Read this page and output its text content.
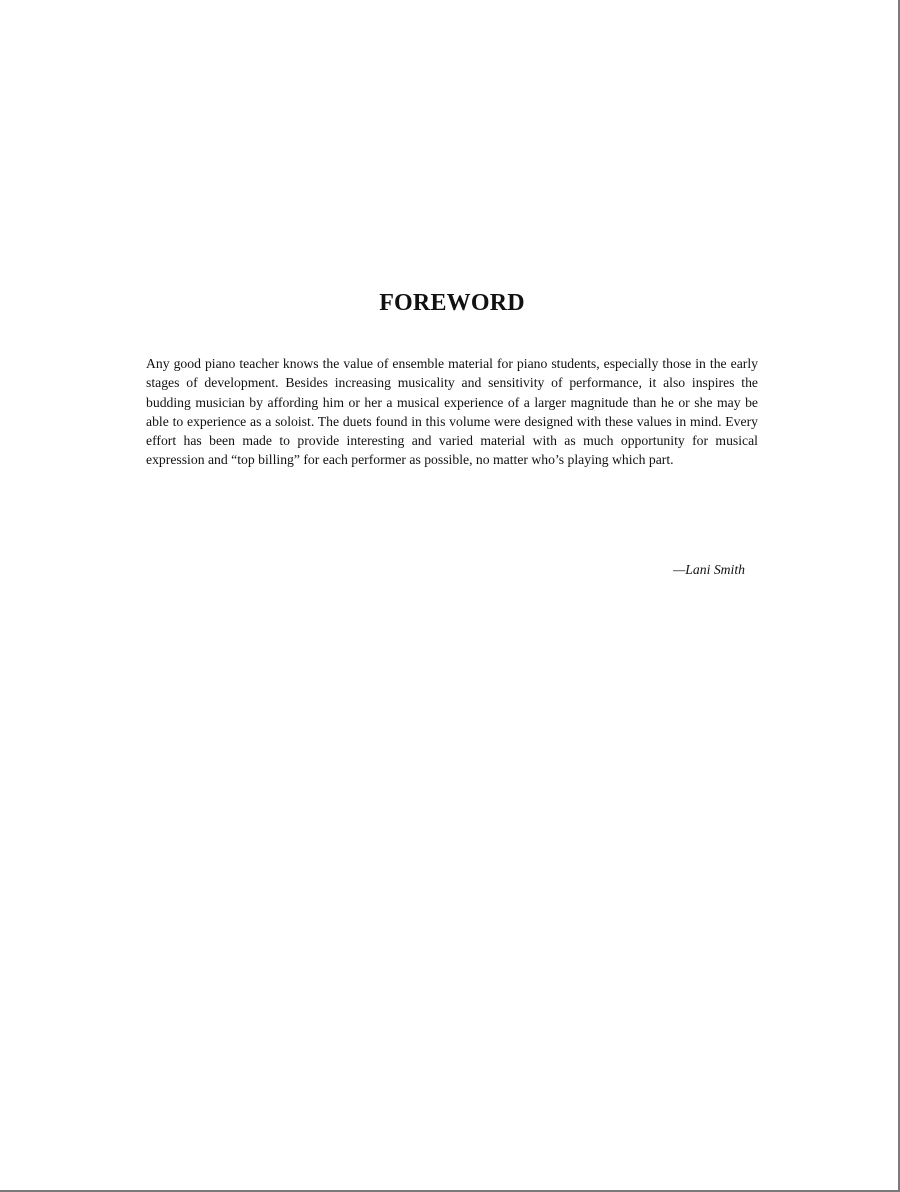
FOREWORD

Any good piano teacher knows the value of ensemble material for piano students, especially those in the early stages of development. Besides increasing musicality and sensitivity of performance, it also inspires the budding musician by affording him or her a musical experience of a larger magnitude than he or she may be able to experience as a soloist. The duets found in this volume were designed with these values in mind. Every effort has been made to provide interesting and varied material with as much opportunity for musical expression and “top billing” for each performer as possible, no matter who’s playing which part.

—Lani Smith
